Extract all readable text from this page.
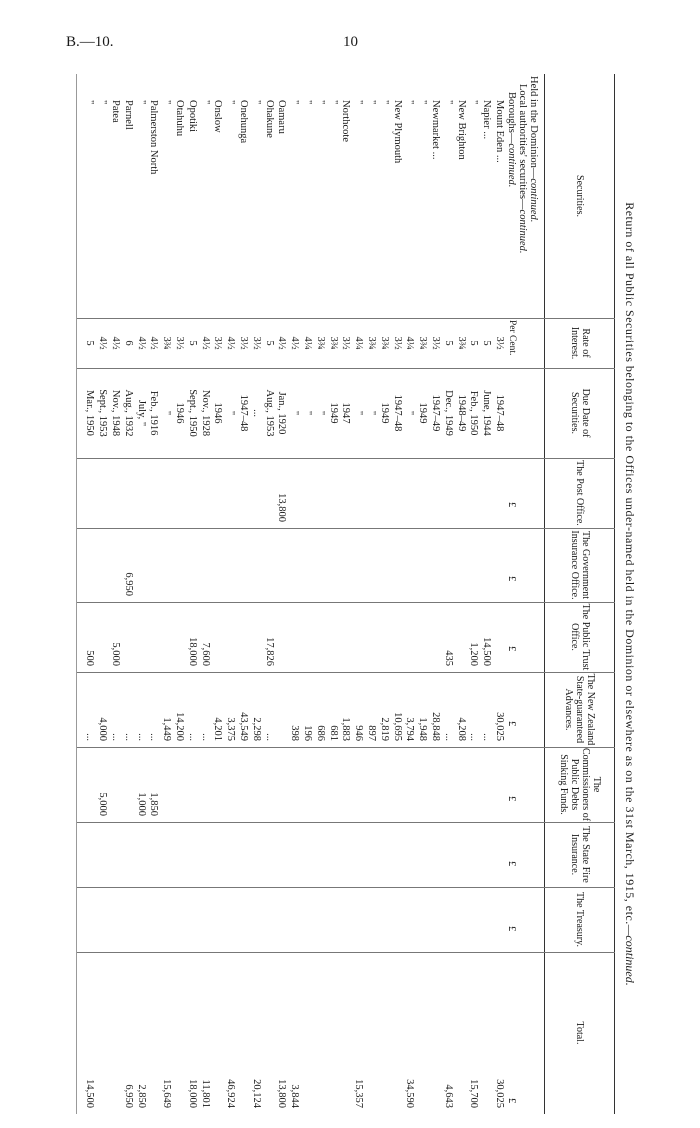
B.—10.	10
Return of all Public Securities belonging to the Offices under-named held in the Dominion or elsewhere as on the 31st March, 1915, etc.—continued.
Securities.
Rate of Interest.
Due Date of Securities.
The Post Office.
The Government Insurance Office.
The Public Trust Office.
The New Zealand State-guaranteed Advances.
The Commissioners of Public Debts Sinking Funds.
The State Fire Insurance.
The Treasury.
Total.
Held in the Dominion—continued.
Local authorities' securities—continued.
Boroughs—continued.
Per Cent.
£
£
£
£
£
£
£
£
Mount Eden ...
3½
1947–48
30,025
30,025
Napier ...
5
June, 1944
14,500
...
"
5
Feb., 1950
1,200
...
15,700
New Brighton
3¾
1948–49
4,208
"
5
Dec., 1949
435
...
4,643
Newmarket ...
3½
1947–49
28,848
"
3¾
1949
1,948
"
4¼
"
3,794
34,590
New Plymouth
3½
1947–48
10,695
"
3¾
1949
2,819
"
3¾
"
897
"
4¼
"
946
15,357
Northcote
3½
1947
1,883
"
3¾
1949
681
"
3¾
"
686
"
4¼
"
196
"
4½
"
398
3,844
Oamaru
4½
Jan., 1920
13,800
13,800
Ohakune
5
Aug., 1953
17,826
...
"
3½
...
2,298
20,124
Onehunga
3½
1947–48
43,549
"
4½
"
3,375
46,924
Onslow
3½
1946
4,201
"
4½
Nov., 1928
7,600
...
11,801
Opotiki
5
Sept., 1950
18,000
...
18,000
Otahuhu
3½
1946
14,200
"
3¾
"
1,449
15,649
Palmerston North
4½
Feb., 1916
...
1,850
"
4½
July, "
...
1,000
2,850
Parnell
6
Aug., 1932
6,950
...
6,950
Patea
4½
Nov., 1948
5,000
...
"
4½
Sept., 1953
4,000
5,000
"
5
Mar., 1950
500
...
14,500
